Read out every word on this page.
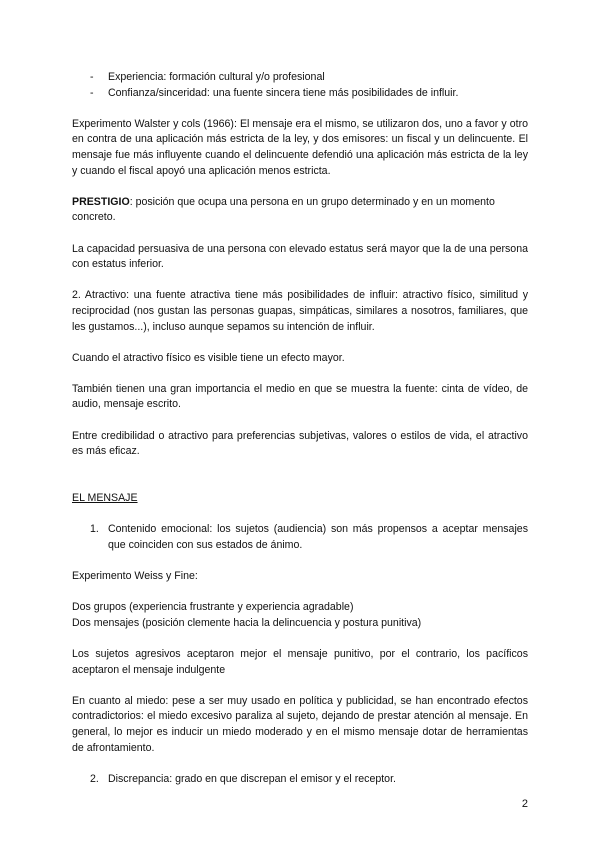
- Experiencia: formación cultural y/o profesional
- Confianza/sinceridad: una fuente sincera tiene más posibilidades de influir.

Experimento Walster y cols (1966): El mensaje era el mismo, se utilizaron dos, uno a favor y otro en contra de una aplicación más estricta de la ley, y dos emisores: un fiscal y un delincuente. El mensaje fue más influyente cuando el delincuente defendió una aplicación más estricta de la ley y cuando el fiscal apoyó una aplicación menos estricta.

PRESTIGIO: posición que ocupa una persona en un grupo determinado y en un momento concreto.

La capacidad persuasiva de una persona con elevado estatus será mayor que la de una persona con estatus inferior.

2. Atractivo: una fuente atractiva tiene más posibilidades de influir: atractivo físico, similitud y reciprocidad (nos gustan las personas guapas, simpáticas, similares a nosotros, familiares, que les gustamos...), incluso aunque sepamos su intención de influir.

Cuando el atractivo físico es visible tiene un efecto mayor.

También tienen una gran importancia el medio en que se muestra la fuente: cinta de vídeo, de audio, mensaje escrito.

Entre credibilidad o atractivo para preferencias subjetivas, valores o estilos de vida, el atractivo es más eficaz.

EL MENSAJE

1. Contenido emocional: los sujetos (audiencia) son más propensos a aceptar mensajes que coinciden con sus estados de ánimo.

Experimento Weiss y Fine:

Dos grupos (experiencia frustrante y experiencia agradable)

Dos mensajes (posición clemente hacia la delincuencia y postura punitiva)

Los sujetos agresivos aceptaron mejor el mensaje punitivo, por el contrario, los pacíficos aceptaron el mensaje indulgente

En cuanto al miedo: pese a ser muy usado en política y publicidad, se han encontrado efectos contradictorios: el miedo excesivo paraliza al sujeto, dejando de prestar atención al mensaje. En general, lo mejor es inducir un miedo moderado y en el mismo mensaje dotar de herramientas de afrontamiento.

2. Discrepancia: grado en que discrepan el emisor y el receptor.
2
